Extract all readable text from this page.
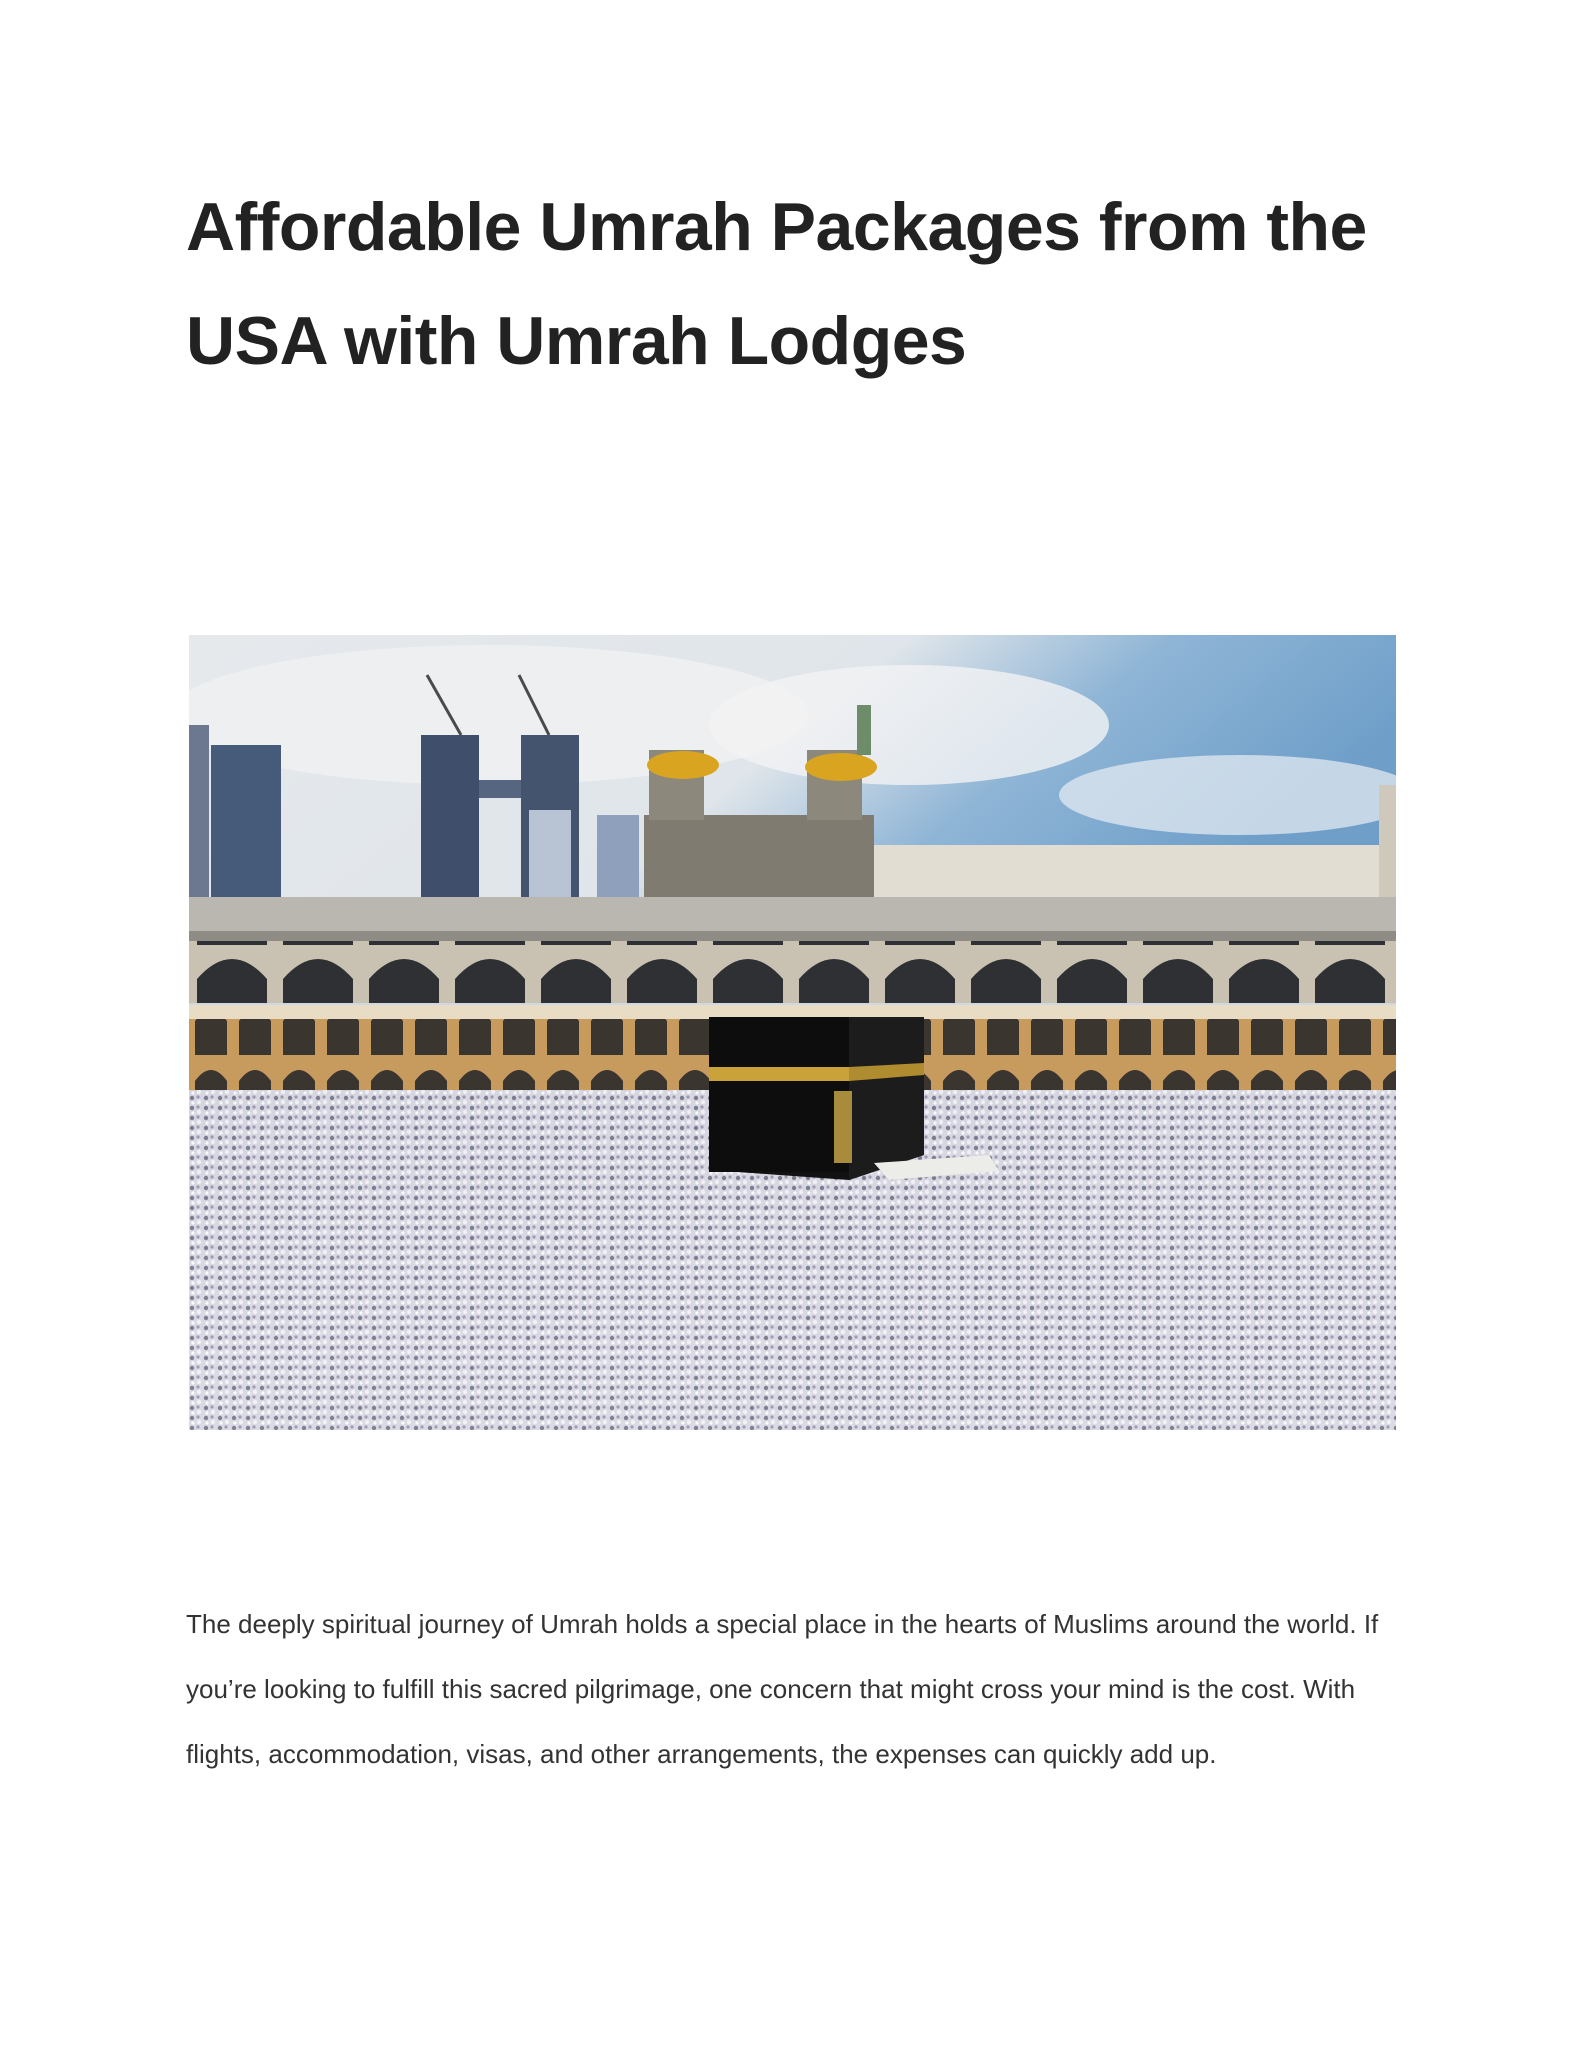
Affordable Umrah Packages from the USA with Umrah Lodges

The deeply spiritual journey of Umrah holds a special place in the hearts of Muslims around the world. If you’re looking to fulfill this sacred pilgrimage, one concern that might cross your mind is the cost. With flights, accommodation, visas, and other arrangements, the expenses can quickly add up.
